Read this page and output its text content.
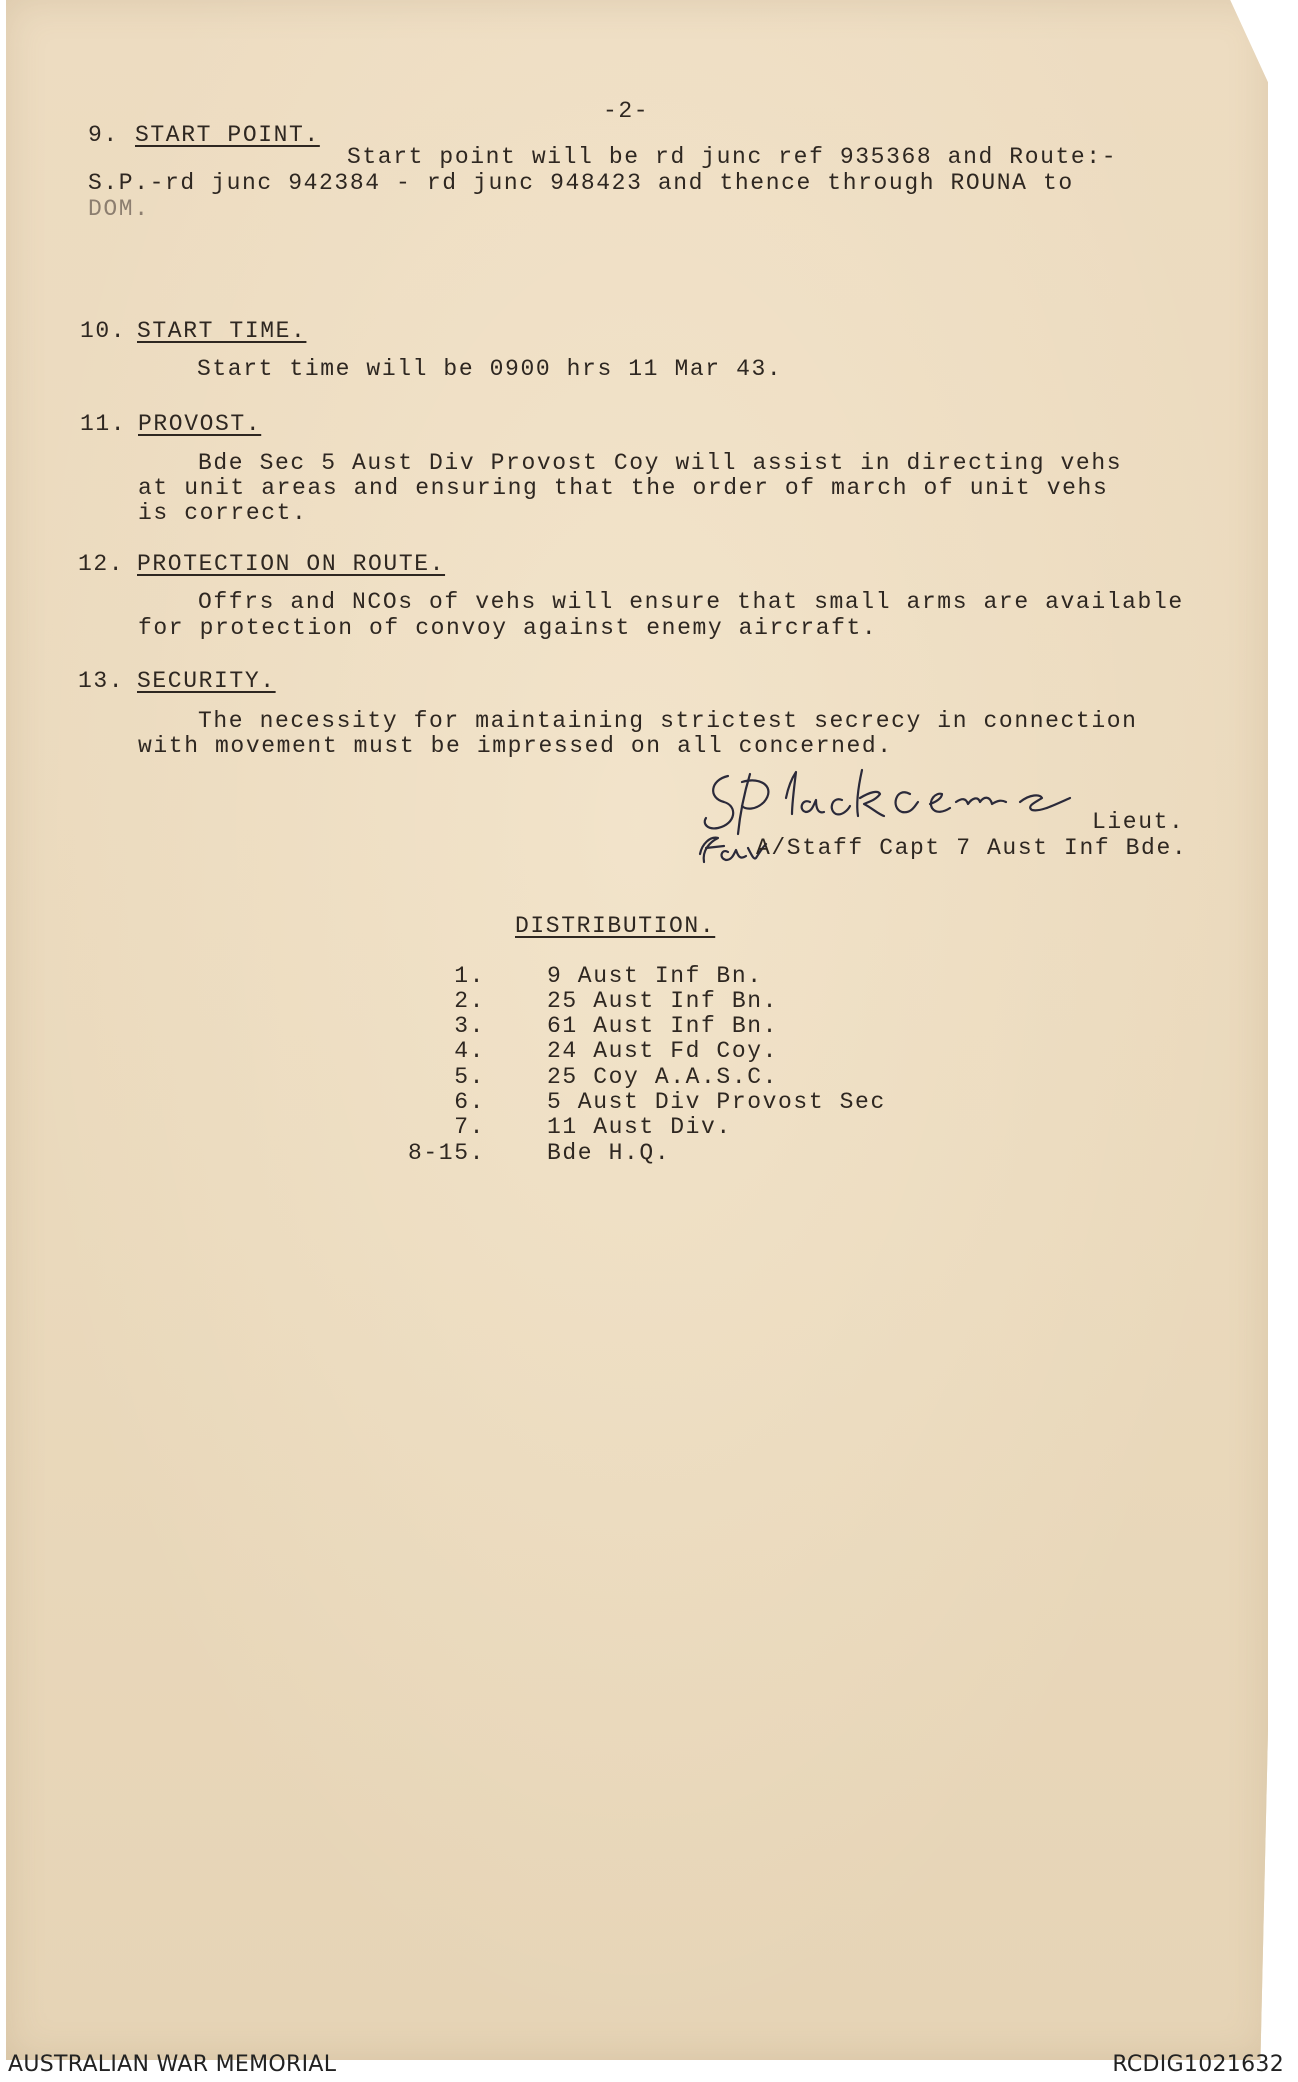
-2-
9. START POINT.
Start point will be rd junc ref 935368 and Route:-
S.P.-rd junc 942384 - rd junc 948423 and thence through ROUNA to
DOM.
10. START TIME.
Start time will be 0900 hrs 11 Mar 43.
11. PROVOST.
Bde Sec 5 Aust Div Provost Coy will assist in directing vehs
at unit areas and ensuring that the order of march of unit vehs
is correct.
12. PROTECTION ON ROUTE.
Offrs and NCOs of vehs will ensure that small arms are available
for protection of convoy against enemy aircraft.
13. SECURITY.
The necessity for maintaining strictest secrecy in connection
with movement must be impressed on all concerned.
Lieut.
A/Staff Capt 7 Aust Inf Bde.
DISTRIBUTION.
1.	9 Aust Inf Bn.
2.	25 Aust Inf Bn.
3.	61 Aust Inf Bn.
4.	24 Aust Fd Coy.
5.	25 Coy A.A.S.C.
6.	5 Aust Div Provost Sec
7.	11 Aust Div.
8-15.	Bde H.Q.
AUSTRALIAN WAR MEMORIAL	RCDIG1021632
